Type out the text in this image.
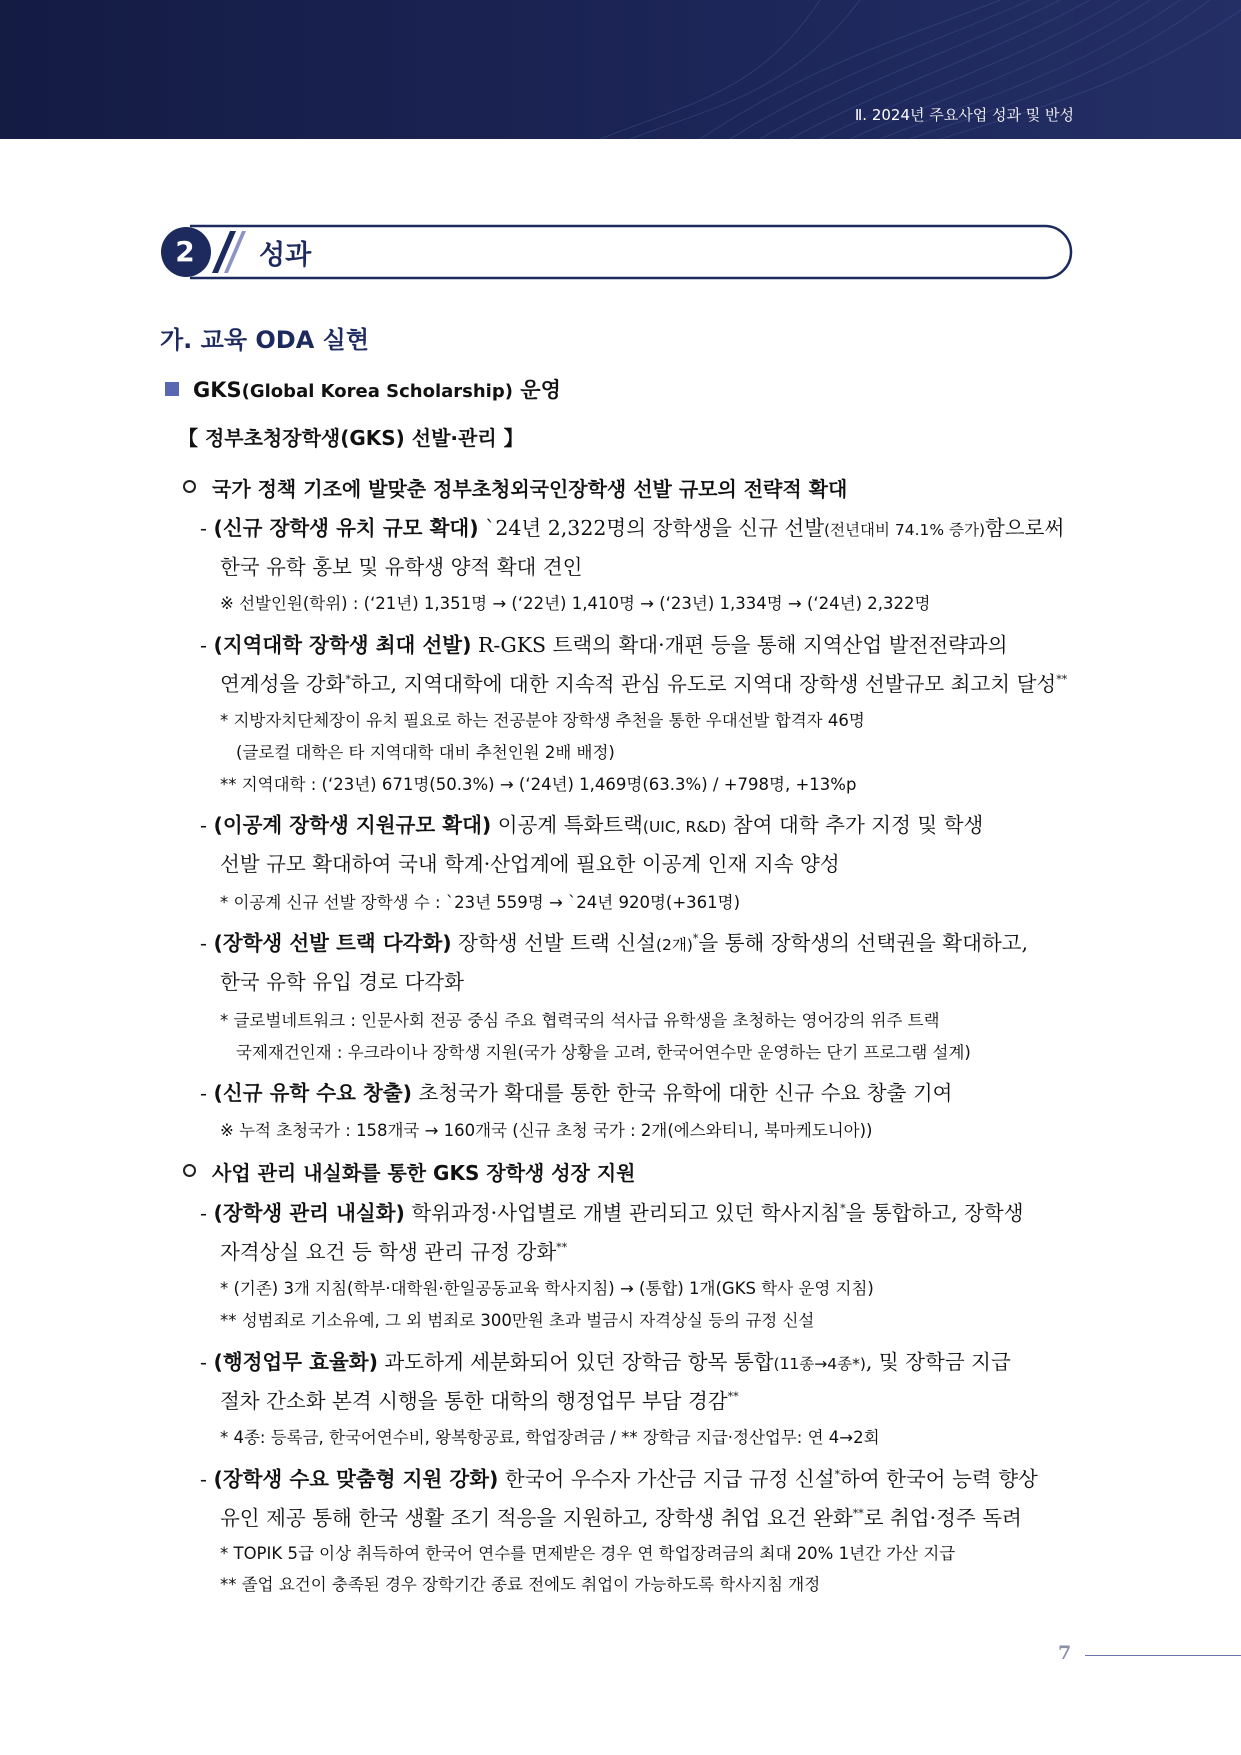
Ⅱ. 2024년 주요사업 성과 및 반성
2	성과
가. 교육 ODA 실현
GKS(Global Korea Scholarship) 운영
【 정부초청장학생(GKS) 선발·관리 】
국가 정책 기조에 발맞춘 정부초청외국인장학생 선발 규모의 전략적 확대
- (신규 장학생 유치 규모 확대) `24년 2,322명의 장학생을 신규 선발(전년대비 74.1% 증가)함으로써
한국 유학 홍보 및 유학생 양적 확대 견인
※ 선발인원(학위) : (‘21년) 1,351명 → (‘22년) 1,410명 → (‘23년) 1,334명 → (‘24년) 2,322명
- (지역대학 장학생 최대 선발) R-GKS 트랙의 확대·개편 등을 통해 지역산업 발전전략과의
연계성을 강화*하고, 지역대학에 대한 지속적 관심 유도로 지역대 장학생 선발규모 최고치 달성**
* 지방자치단체장이 유치 필요로 하는 전공분야 장학생 추천을 통한 우대선발 합격자 46명
(글로컬 대학은 타 지역대학 대비 추천인원 2배 배정)
** 지역대학 : (‘23년) 671명(50.3%) → (‘24년) 1,469명(63.3%) / +798명, +13%p
- (이공계 장학생 지원규모 확대) 이공계 특화트랙(UIC, R&D) 참여 대학 추가 지정 및 학생
선발 규모 확대하여 국내 학계·산업계에 필요한 이공계 인재 지속 양성
* 이공계 신규 선발 장학생 수 : `23년 559명 → `24년 920명(+361명)
- (장학생 선발 트랙 다각화) 장학생 선발 트랙 신설(2개)*을 통해 장학생의 선택권을 확대하고,
한국 유학 유입 경로 다각화
* 글로벌네트워크 : 인문사회 전공 중심 주요 협력국의 석사급 유학생을 초청하는 영어강의 위주 트랙
국제재건인재 : 우크라이나 장학생 지원(국가 상황을 고려, 한국어연수만 운영하는 단기 프로그램 설계)
- (신규 유학 수요 창출) 초청국가 확대를 통한 한국 유학에 대한 신규 수요 창출 기여
※ 누적 초청국가 : 158개국 → 160개국 (신규 초청 국가 : 2개(에스와티니, 북마케도니아))
사업 관리 내실화를 통한 GKS 장학생 성장 지원
- (장학생 관리 내실화) 학위과정·사업별로 개별 관리되고 있던 학사지침*을 통합하고, 장학생
자격상실 요건 등 학생 관리 규정 강화**
* (기존) 3개 지침(학부·대학원·한일공동교육 학사지침) → (통합) 1개(GKS 학사 운영 지침)
** 성범죄로 기소유예, 그 외 범죄로 300만원 초과 벌금시 자격상실 등의 규정 신설
- (행정업무 효율화) 과도하게 세분화되어 있던 장학금 항목 통합(11종→4종*), 및 장학금 지급
절차 간소화 본격 시행을 통한 대학의 행정업무 부담 경감**
* 4종: 등록금, 한국어연수비, 왕복항공료, 학업장려금 / ** 장학금 지급·정산업무: 연 4→2회
- (장학생 수요 맞춤형 지원 강화) 한국어 우수자 가산금 지급 규정 신설*하여 한국어 능력 향상
유인 제공 통해 한국 생활 조기 적응을 지원하고, 장학생 취업 요건 완화**로 취업·정주 독려
* TOPIK 5급 이상 취득하여 한국어 연수를 면제받은 경우 연 학업장려금의 최대 20% 1년간 가산 지급
** 졸업 요건이 충족된 경우 장학기간 종료 전에도 취업이 가능하도록 학사지침 개정
7
